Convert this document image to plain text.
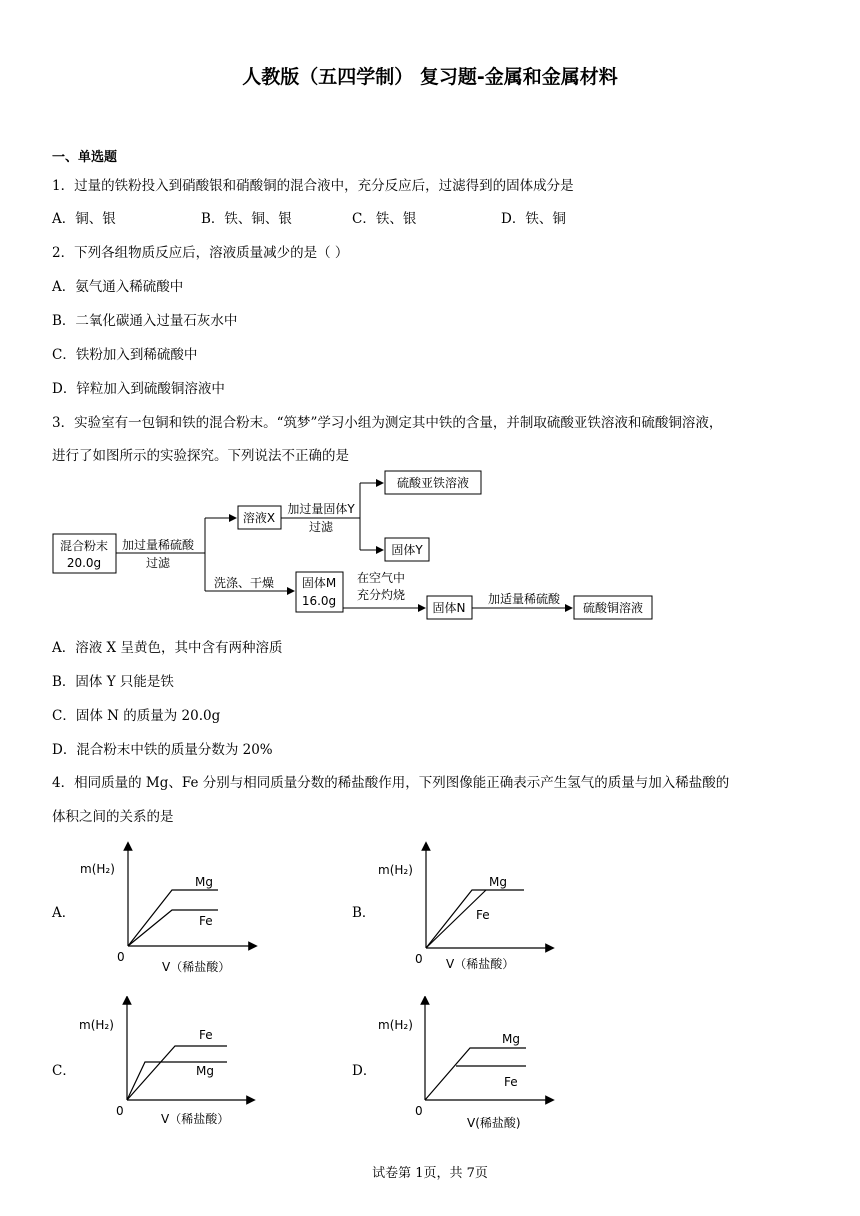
人教版（五四学制） 复习题-金属和金属材料
一、单选题
1．过量的铁粉投入到硝酸银和硝酸铜的混合液中，充分反应后，过滤得到的固体成分是
A．铜、银	B．铁、铜、银	C．铁、银	D．铁、铜
2．下列各组物质反应后，溶液质量减少的是（ ）
A．氨气通入稀硫酸中
B．二氧化碳通入过量石灰水中
C．铁粉加入到稀硫酸中
D．锌粒加入到硫酸铜溶液中
3．实验室有一包铜和铁的混合粉末。“筑梦”学习小组为测定其中铁的含量，并制取硫酸亚铁溶液和硫酸铜溶液，
进行了如图所示的实验探究。下列说法不正确的是
混合粉末
20.0g
加过量稀硫酸
过滤
溶液X
加过量固体Y
过滤
硫酸亚铁溶液
固体Y
洗涤、干燥 固体M
16.0g
在空气中
充分灼烧
固体N
加适量稀硫酸
硫酸铜溶液
A．溶液 X 呈黄色，其中含有两种溶质
B．固体 Y 只能是铁
C．固体 N 的质量为 20.0g
D．混合粉末中铁的质量分数为 20%
4．相同质量的 Mg、Fe 分别与相同质量分数的稀盐酸作用，下列图像能正确表示产生氢气的质量与加入稀盐酸的
体积之间的关系的是
A．
m(H₂)
0
V（稀盐酸）
Mg
Fe	B．
m(H₂)
0 V（稀盐酸）
Mg
Fe
C．
m(H₂)
0
V（稀盐酸）
Fe
Mg	D．
m(H₂)
0
V(稀盐酸)
Mg
Fe
试卷第 1页，共 7页
